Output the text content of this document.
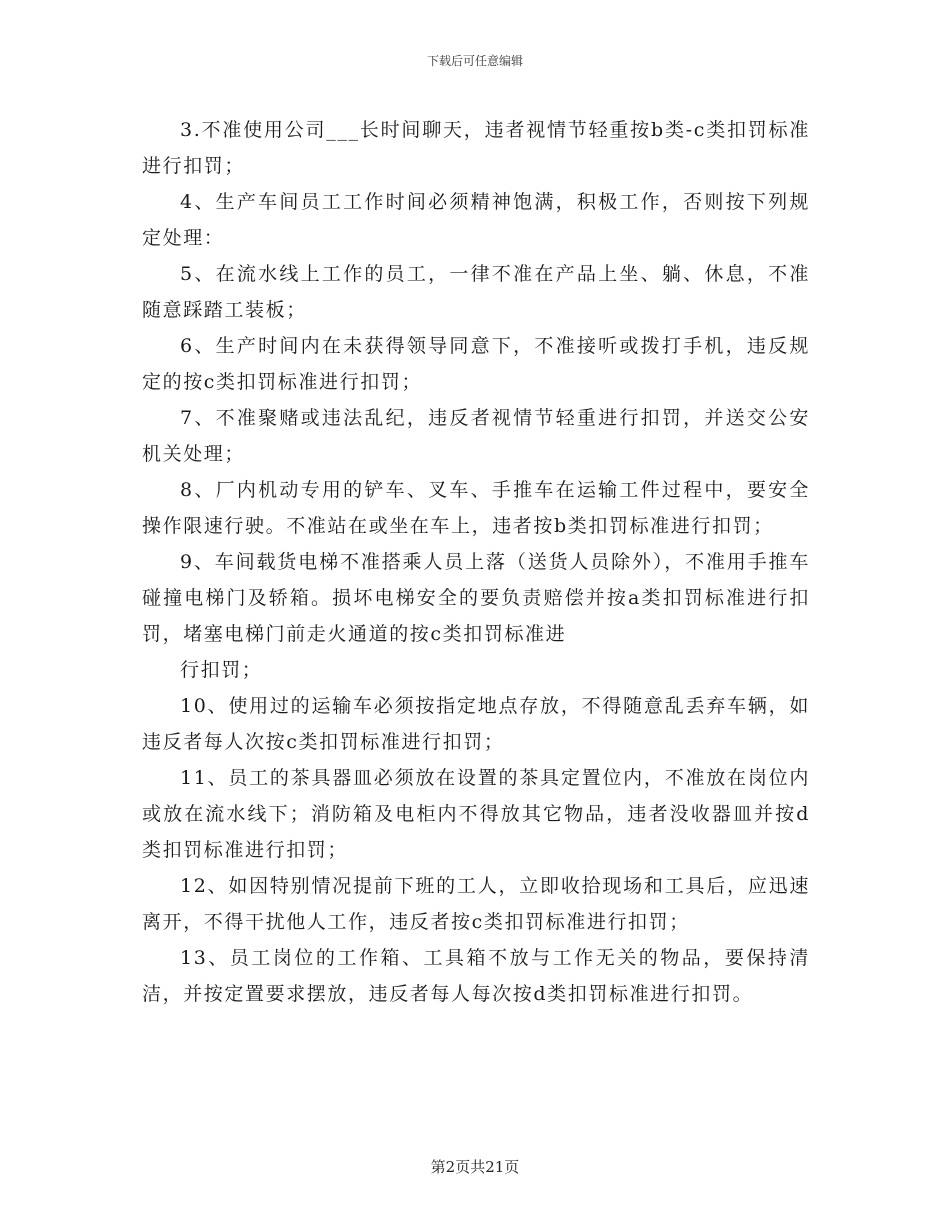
下载后可任意编辑

3.不准使用公司___长时间聊天，违者视情节轻重按b类-c类扣罚标准进行扣罚；

4、生产车间员工工作时间必须精神饱满，积极工作，否则按下列规定处理：

5、在流水线上工作的员工，一律不准在产品上坐、躺、休息，不准随意踩踏工装板；

6、生产时间内在未获得领导同意下，不准接听或拨打手机，违反规定的按c类扣罚标准进行扣罚；

7、不准聚赌或违法乱纪，违反者视情节轻重进行扣罚，并送交公安机关处理；

8、厂内机动专用的铲车、叉车、手推车在运输工件过程中，要安全操作限速行驶。不准站在或坐在车上，违者按b类扣罚标准进行扣罚；

9、车间载货电梯不准搭乘人员上落（送货人员除外），不准用手推车碰撞电梯门及轿箱。损坏电梯安全的要负责赔偿并按a类扣罚标准进行扣罚，堵塞电梯门前走火通道的按c类扣罚标准进

行扣罚；

10、使用过的运输车必须按指定地点存放，不得随意乱丢弃车辆，如违反者每人次按c类扣罚标准进行扣罚；

11、员工的茶具器皿必须放在设置的茶具定置位内，不准放在岗位内或放在流水线下；消防箱及电柜内不得放其它物品，违者没收器皿并按d类扣罚标准进行扣罚；

12、如因特别情况提前下班的工人，立即收拾现场和工具后，应迅速离开，不得干扰他人工作，违反者按c类扣罚标准进行扣罚；

13、员工岗位的工作箱、工具箱不放与工作无关的物品，要保持清洁，并按定置要求摆放，违反者每人每次按d类扣罚标准进行扣罚。

第2页共21页
